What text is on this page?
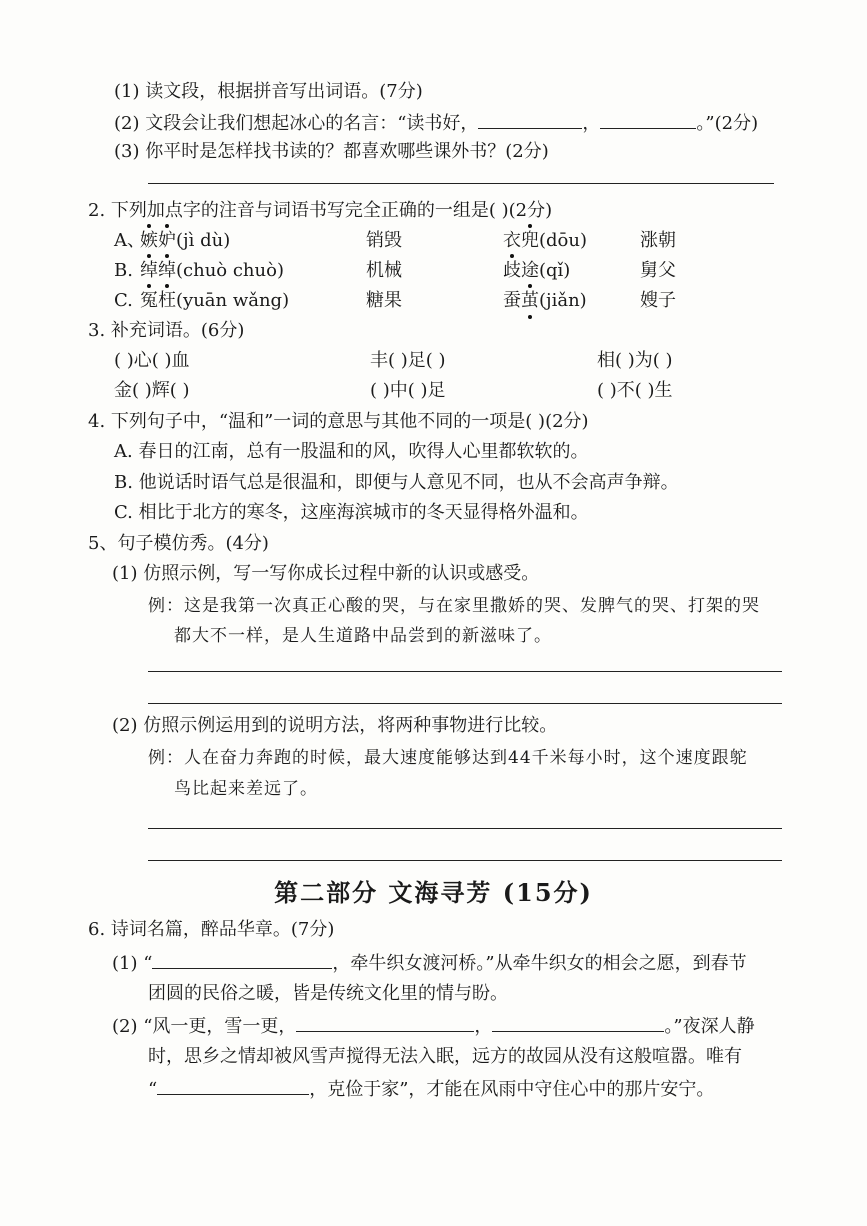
(1) 读文段，根据拼音写出词语。(7分)
(2) 文段会让我们想起冰心的名言：“读书好，	，	。”(2分)
(3) 你平时是怎样找书读的？都喜欢哪些课外书？(2分)
2. 下列加点字的注音与词语书写完全正确的一组是( )(2分)
A、
嫉妒(jì dù)	销毁	衣兜(dōu)	涨朝
B. 绰绰(chuò chuò)	机械	歧途(qǐ)	舅父
C. 冤枉(yuān wǎng)	糖果	蚕茧(jiǎn)	嫂子
3. 补充词语。(6分)
( )心( )血	丰( )足( )	相( )为( )
金( )辉( )	( )中( )足	( )不( )生
4. 下列句子中，“温和”一词的意思与其他不同的一项是( )(2分)
A. 春日的江南，总有一股温和的风，吹得人心里都软软的。
B. 他说话时语气总是很温和，即便与人意见不同，也从不会高声争辩。
C. 相比于北方的寒冬，这座海滨城市的冬天显得格外温和。
5、句子模仿秀。(4分)
(1) 仿照示例，写一写你成长过程中新的认识或感受。
例：这是我第一次真正心酸的哭，与在家里撒娇的哭、发脾气的哭、打架的哭
都大不一样，是人生道路中品尝到的新滋味了。
(2) 仿照示例运用到的说明方法，将两种事物进行比较。
例：人在奋力奔跑的时候，最大速度能够达到44千米每小时，这个速度跟鸵
鸟比起来差远了。
第二部分 文海寻芳 (15分)
6. 诗词名篇，醉品华章。(7分)
(1) “	，牵牛织女渡河桥。”从牵牛织女的相会之愿，到春节
团圆的民俗之暖，皆是传统文化里的情与盼。
(2) “风一更，雪一更，	，	。”夜深人静
时，思乡之情却被风雪声搅得无法入眠，远方的故园从没有这般喧嚣。唯有
“	，克俭于家”，才能在风雨中守住心中的那片安宁。
